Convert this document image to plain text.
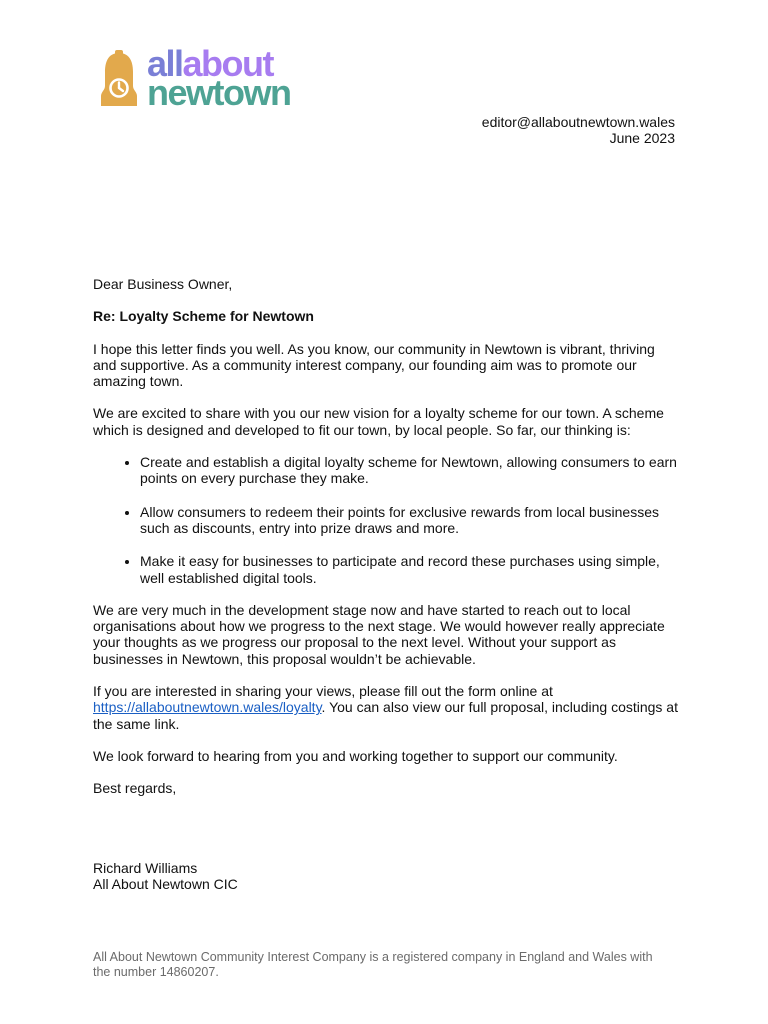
allabout
newtown
editor@allaboutnewtown.wales
June 2023

Dear Business Owner,

Re: Loyalty Scheme for Newtown

I hope this letter finds you well. As you know, our community in Newtown is vibrant, thriving and supportive. As a community interest company, our founding aim was to promote our amazing town.

We are excited to share with you our new vision for a loyalty scheme for our town. A scheme which is designed and developed to fit our town, by local people. So far, our thinking is:

• Create and establish a digital loyalty scheme for Newtown, allowing consumers to earn points on every purchase they make.
• Allow consumers to redeem their points for exclusive rewards from local businesses such as discounts, entry into prize draws and more.
• Make it easy for businesses to participate and record these purchases using simple, well established digital tools.

We are very much in the development stage now and have started to reach out to local organisations about how we progress to the next stage. We would however really appreciate your thoughts as we progress our proposal to the next level. Without your support as businesses in Newtown, this proposal wouldn’t be achievable.

If you are interested in sharing your views, please fill out the form online at https://allaboutnewtown.wales/loyalty. You can also view our full proposal, including costings at the same link.

We look forward to hearing from you and working together to support our community.

Best regards,

Richard Williams
All About Newtown CIC
All About Newtown Community Interest Company is a registered company in England and Wales with the number 14860207.
